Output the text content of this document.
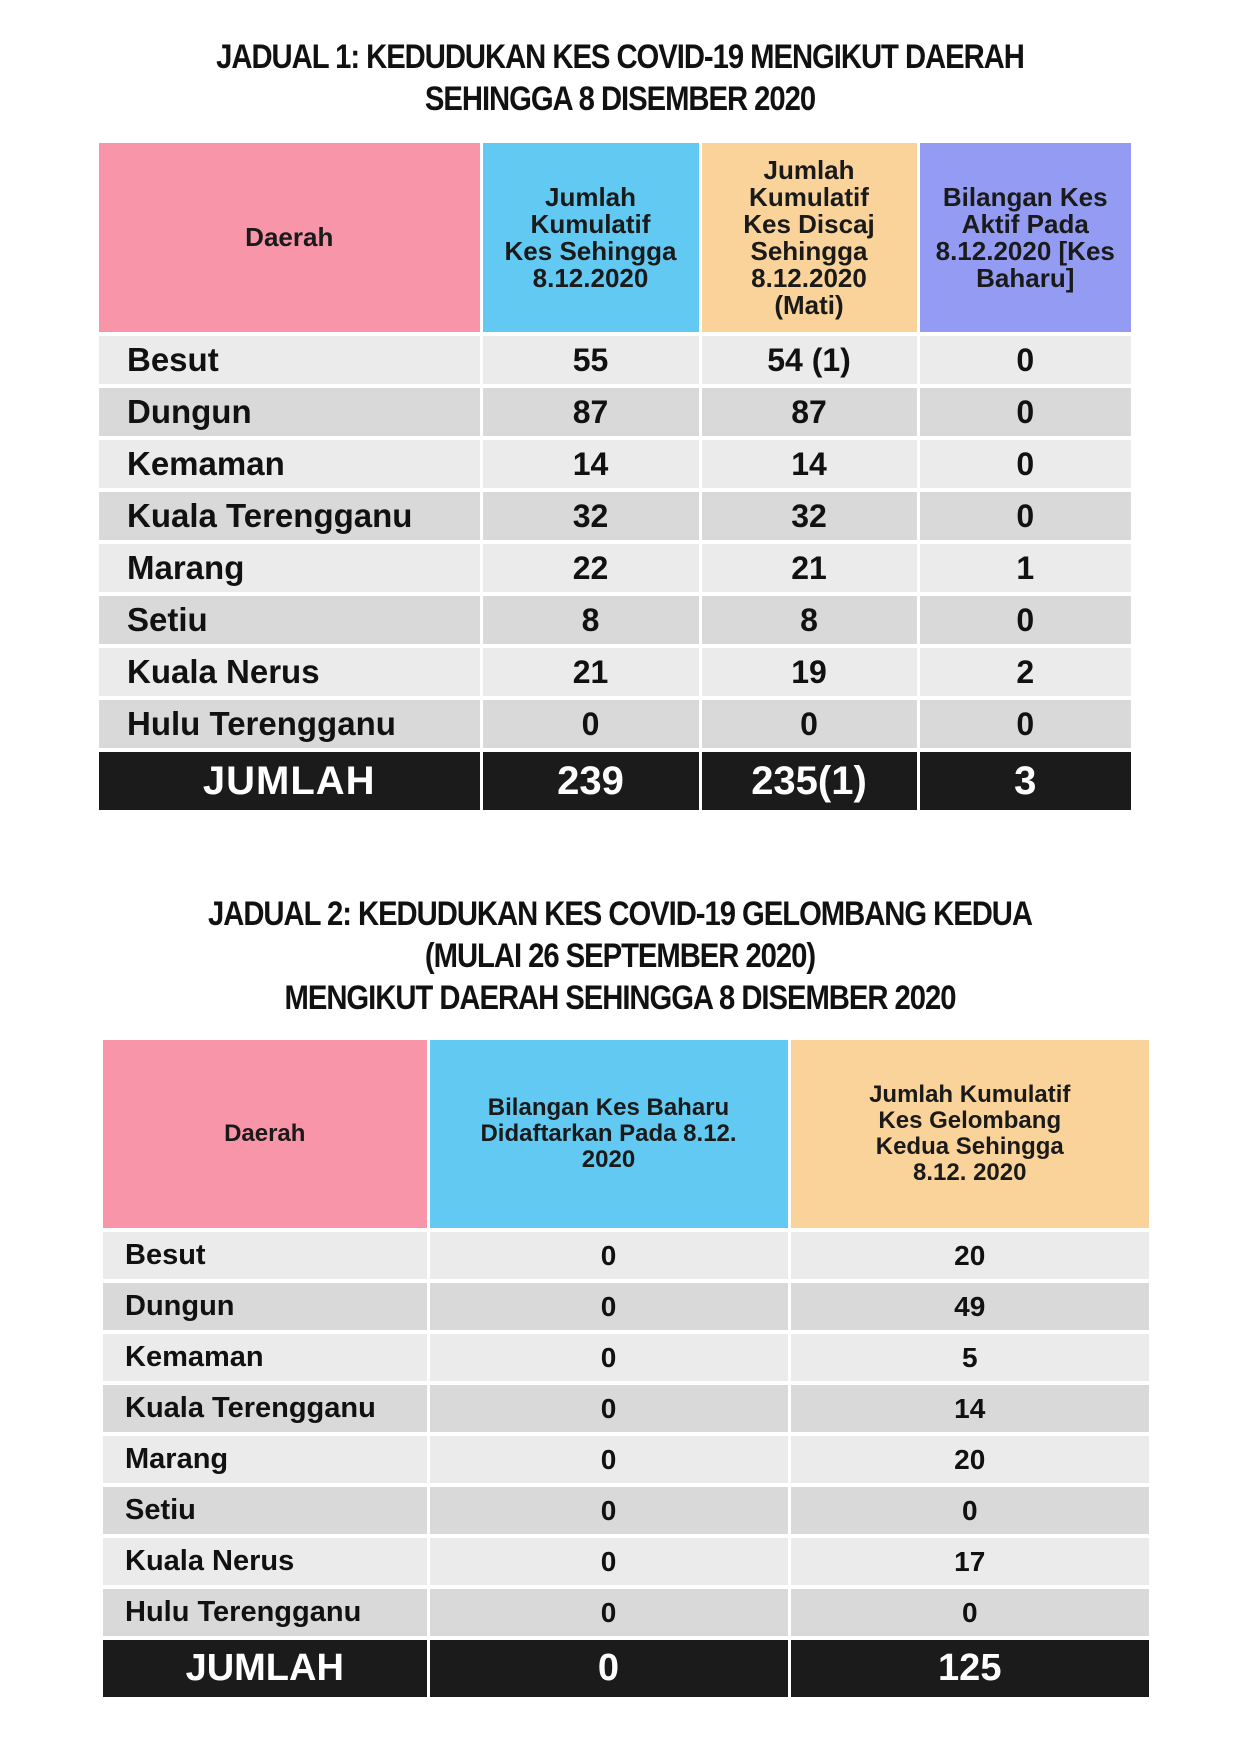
JADUAL 1: KEDUDUKAN KES COVID-19 MENGIKUT DAERAH
SEHINGGA 8 DISEMBER 2020
Daerah	Jumlah Kumulatif Kes Sehingga 8.12.2020	Jumlah Kumulatif Kes Discaj Sehingga 8.12.2020 (Mati)	Bilangan Kes Aktif Pada 8.12.2020 [Kes Baharu]
Besut	55	54 (1)	0
Dungun	87	87	0
Kemaman	14	14	0
Kuala Terengganu	32	32	0
Marang	22	21	1
Setiu	8	8	0
Kuala Nerus	21	19	2
Hulu Terengganu	0	0	0
JUMLAH	239	235(1)	3
JADUAL 2: KEDUDUKAN KES COVID-19 GELOMBANG KEDUA
(MULAI 26 SEPTEMBER 2020)
MENGIKUT DAERAH SEHINGGA 8 DISEMBER 2020
Daerah	Bilangan Kes Baharu Didaftarkan Pada 8.12. 2020	Jumlah Kumulatif Kes Gelombang Kedua Sehingga 8.12. 2020
Besut	0	20
Dungun	0	49
Kemaman	0	5
Kuala Terengganu	0	14
Marang	0	20
Setiu	0	0
Kuala Nerus	0	17
Hulu Terengganu	0	0
JUMLAH	0	125
